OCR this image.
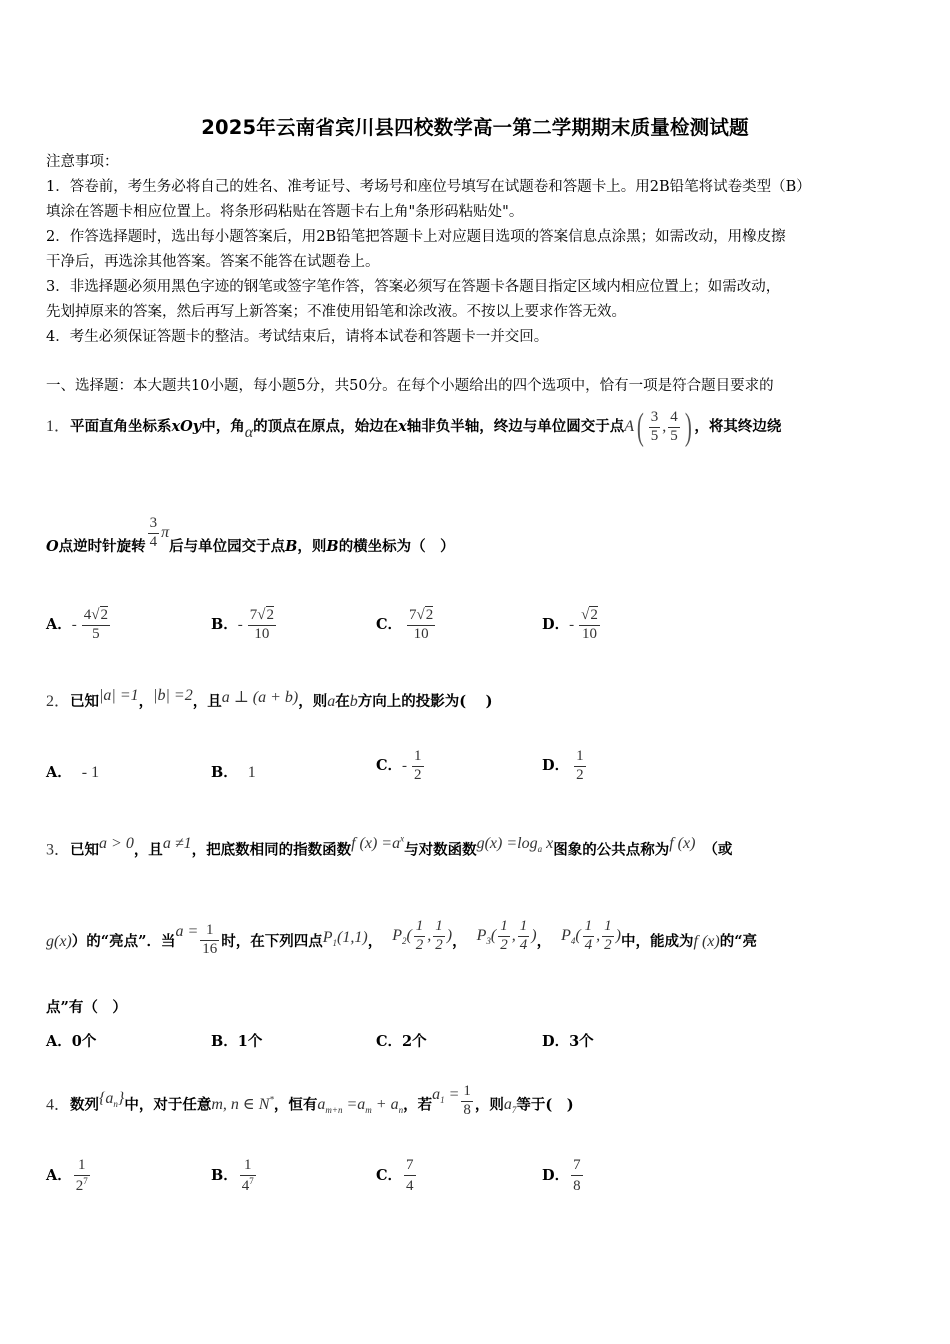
2025年云南省宾川县四校数学高一第二学期期末质量检测试题
注意事项：
1．答卷前，考生务必将自己的姓名、准考证号、考场号和座位号填写在试题卷和答题卡上。用2B铅笔将试卷类型（B）
填涂在答题卡相应位置上。将条形码粘贴在答题卡右上角"条形码粘贴处"。
2．作答选择题时，选出每小题答案后，用2B铅笔把答题卡上对应题目选项的答案信息点涂黑；如需改动，用橡皮擦
干净后，再选涂其他答案。答案不能答在试题卷上。
3．非选择题必须用黑色字迹的钢笔或签字笔作答，答案必须写在答题卡各题目指定区域内相应位置上；如需改动，
先划掉原来的答案，然后再写上新答案；不准使用铅笔和涂改液。不按以上要求作答无效。
4．考生必须保证答题卡的整洁。考试结束后，请将本试卷和答题卡一并交回。
一、选择题：本大题共10小题，每小题5分，共50分。在每个小题给出的四个选项中，恰有一项是符合题目要求的
1．平面直角坐标系xOy中，角α的顶点在原点，始边在x轴非负半轴，终边与单位圆交于点$A( \frac{3}{5}$ , $\frac{4}{5}$ ) ，将其终边绕
O点逆时针旋转 $\frac{3}{4}$ π后与单位园交于点B，则B的横坐标为（　）
A．- $\frac{4√2}{5}$	B．- $\frac{7√2}{10}$	C． $\frac{7√2}{10}$	D．- $\frac{√2}{10}$
2．已知|a| =1，|b| =2，且a ⊥ (a + b)，则a在b方向上的投影为(　 )
A． - 1	B． 1	C．- $\frac{1}{2}$	D． $\frac{1}{2}$
3．已知a > 0，且a ≠1，把底数相同的指数函数f $(x) =a^x$与对数函数$g(x) =\log_a$ x图象的公共点称为f (x) （或
g(x)）的“亮点”．当$a = \frac{1}{16}$ 时，在下列四点$P_1(1,1)$， $P_2( \frac{1}{2}$ , $\frac{1}{2}$ )， $P_3( \frac{1}{2}$ , $\frac{1}{4}$ )， $P_4( \frac{1}{4}$ , $\frac{1}{2}$ )中，能成为f (x)的“亮
点”有（　）
A．0个	B．1个	C．2个	D．3个
4．数列$\{a_n\}$中，对于任意m, n ∈ N*，恒有$a_{m+n} =a_m + a_n$，若$a_1 = \frac{1}{8}$ ，则$a_7$等于(　)
A． $\frac{1}{2^7}$	B． $\frac{1}{4^7}$	C． $\frac{7}{4}$	D． $\frac{7}{8}$
